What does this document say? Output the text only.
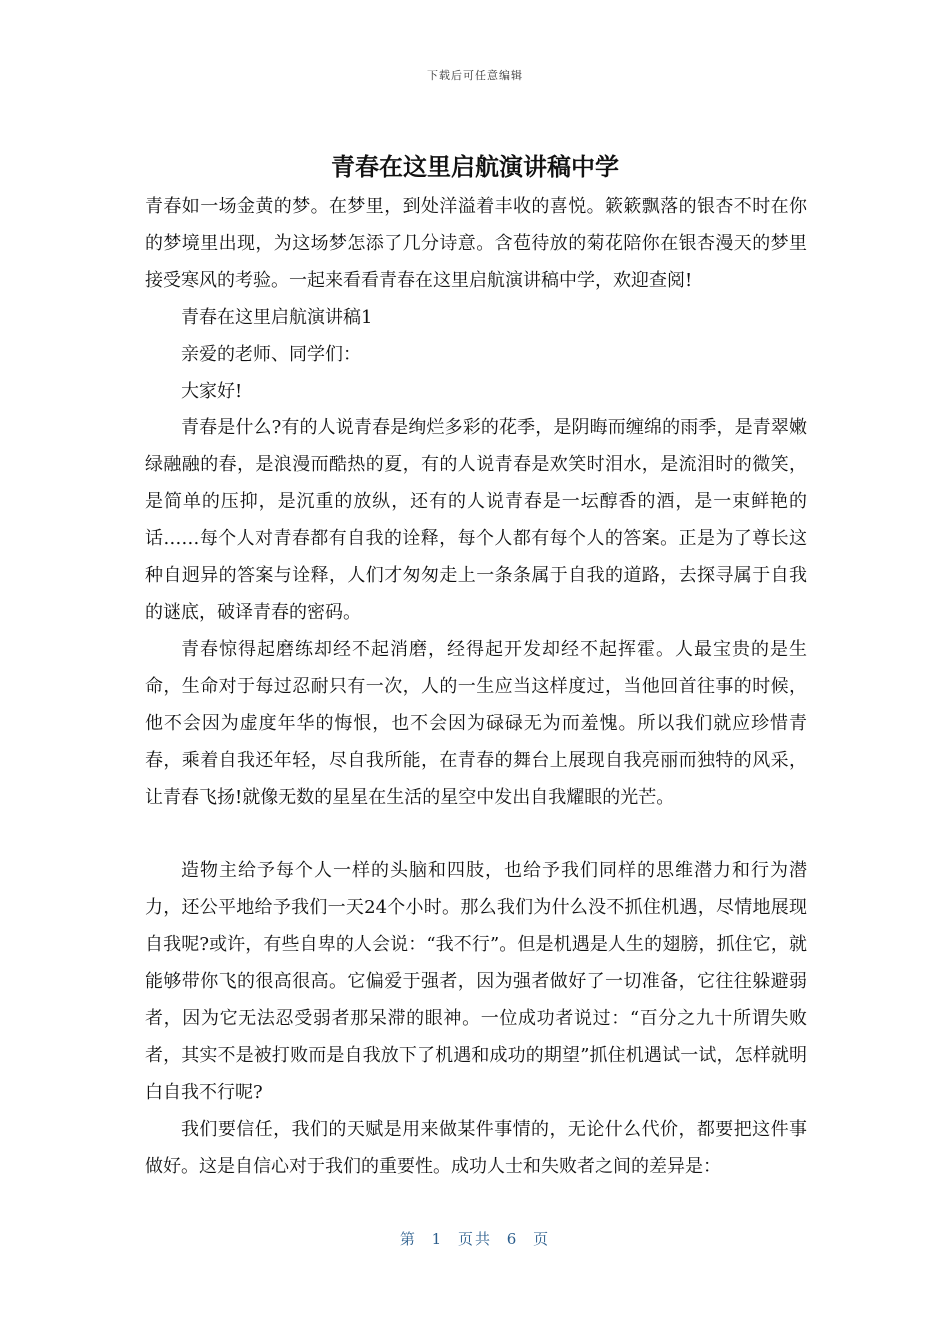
下载后可任意编辑
青春在这里启航演讲稿中学

青春如一场金黄的梦。在梦里，到处洋溢着丰收的喜悦。簌簌飘落的银杏不时在你的梦境里出现，为这场梦怎添了几分诗意。含苞待放的菊花陪你在银杏漫天的梦里接受寒风的考验。一起来看看青春在这里启航演讲稿中学，欢迎查阅!

青春在这里启航演讲稿1

亲爱的老师、同学们：

大家好!

青春是什么?有的人说青春是绚烂多彩的花季，是阴晦而缠绵的雨季，是青翠嫩绿融融的春，是浪漫而酷热的夏，有的人说青春是欢笑时泪水，是流泪时的微笑，是简单的压抑，是沉重的放纵，还有的人说青春是一坛醇香的酒，是一束鲜艳的话……每个人对青春都有自我的诠释，每个人都有每个人的答案。正是为了尊长这种自迥异的答案与诠释，人们才匆匆走上一条条属于自我的道路，去探寻属于自我的谜底，破译青春的密码。

青春惊得起磨练却经不起消磨，经得起开发却经不起挥霍。人最宝贵的是生命，生命对于每过忍耐只有一次，人的一生应当这样度过，当他回首往事的时候，他不会因为虚度年华的悔恨，也不会因为碌碌无为而羞愧。所以我们就应珍惜青春，乘着自我还年轻，尽自我所能，在青春的舞台上展现自我亮丽而独特的风采，让青春飞扬!就像无数的星星在生活的星空中发出自我耀眼的光芒。

造物主给予每个人一样的头脑和四肢，也给予我们同样的思维潜力和行为潜力，还公平地给予我们一天24个小时。那么我们为什么没不抓住机遇，尽情地展现自我呢?或许，有些自卑的人会说：“我不行”。但是机遇是人生的翅膀，抓住它，就能够带你飞的很高很高。它偏爱于强者，因为强者做好了一切准备，它往往躲避弱者，因为它无法忍受弱者那呆滞的眼神。一位成功者说过：“百分之九十所谓失败者，其实不是被打败而是自我放下了机遇和成功的期望”抓住机遇试一试，怎样就明白自我不行呢?

我们要信任，我们的天赋是用来做某件事情的，无论什么代价，都要把这件事做好。这是自信心对于我们的重要性。成功人士和失败者之间的差异是：

第 1 页共 6 页
